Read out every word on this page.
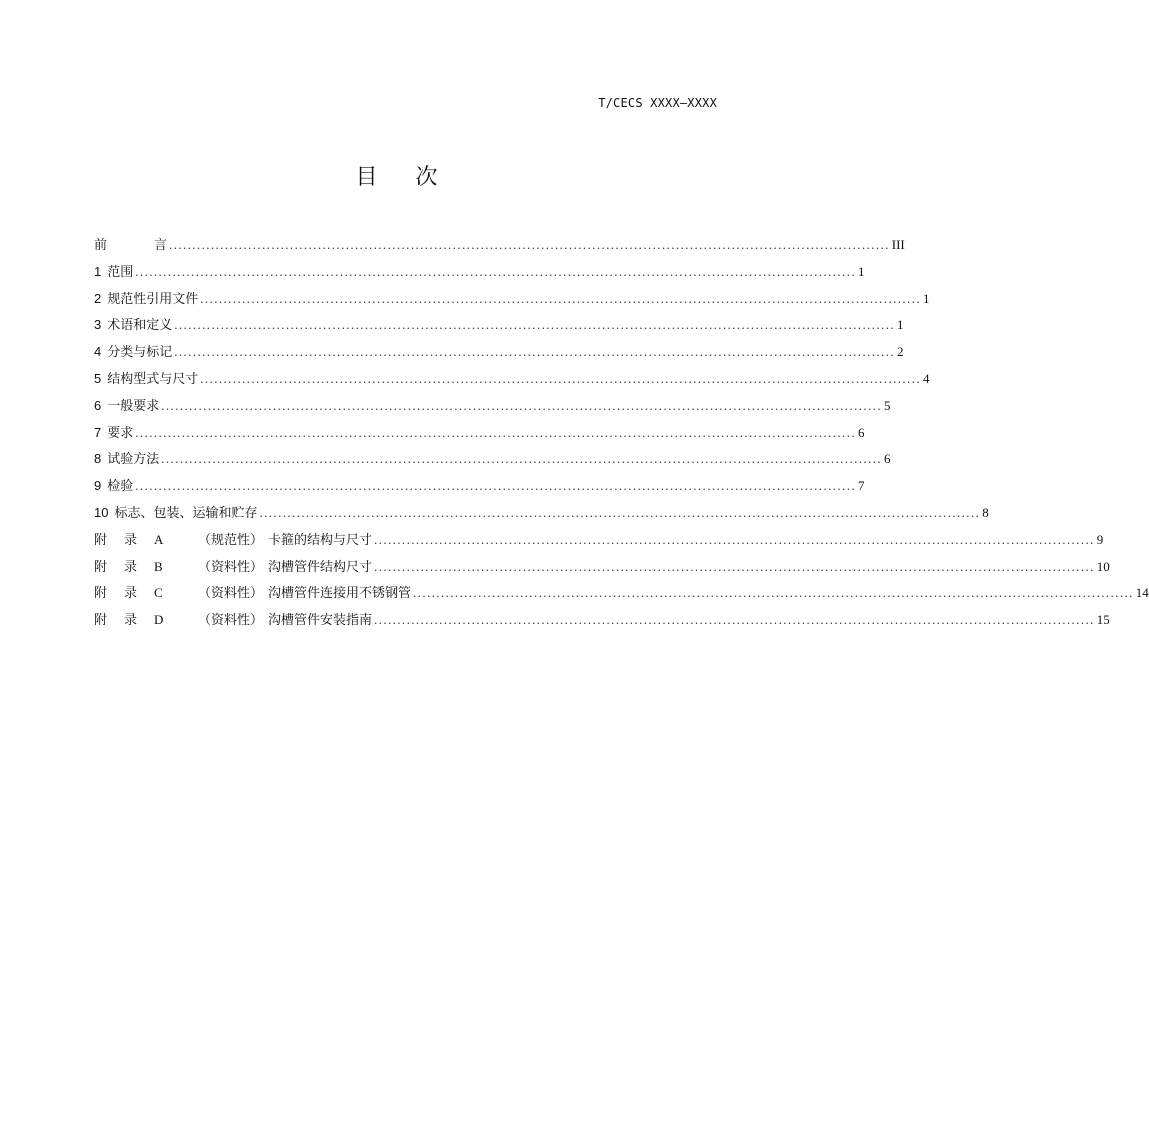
T/CECS XXXX—XXXX
目次
前	言 ........................................................................................................................................................... III
1 范围 ........................................................................................................................................................... 1
2 规范性引用文件 ........................................................................................................................................................... 1
3 术语和定义 ........................................................................................................................................................... 1
4 分类与标记 ........................................................................................................................................................... 2
5 结构型式与尺寸 ........................................................................................................................................................... 4
6 一般要求 ........................................................................................................................................................... 5
7 要求 ........................................................................................................................................................... 6
8 试验方法 ........................................................................................................................................................... 6
9 检验 ........................................................................................................................................................... 7
10 标志、包装、运输和贮存 ........................................................................................................................................................... 8
附 录 A	（规范性） 卡箍的结构与尺寸 ........................................................................................................................................................... 9
附 录 B	（资料性） 沟槽管件结构尺寸 ........................................................................................................................................................... 10
附 录 C	（资料性） 沟槽管件连接用不锈钢管 ........................................................................................................................................................... 14
附 录 D	（资料性） 沟槽管件安装指南 ........................................................................................................................................................... 15
